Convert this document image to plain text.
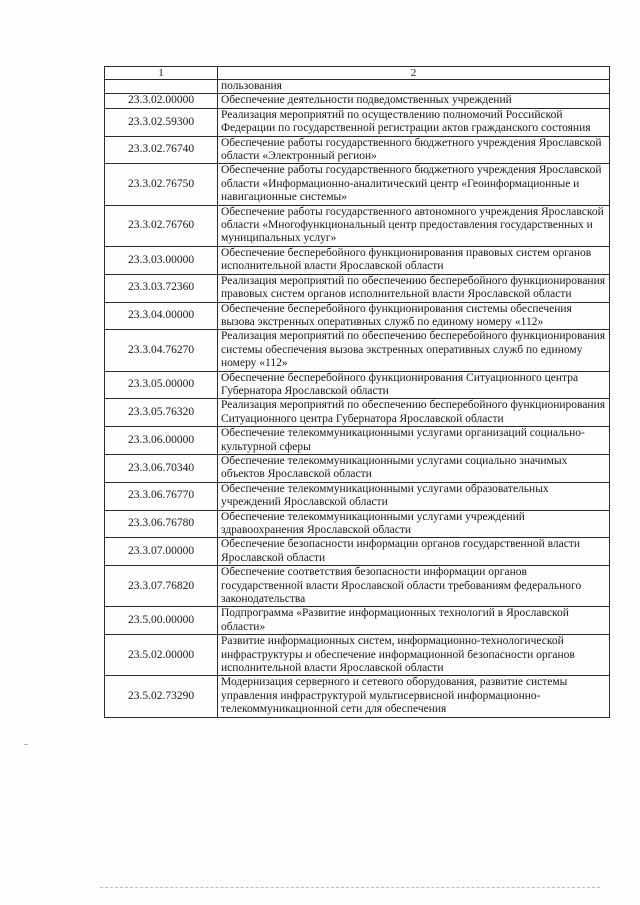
1	2
	пользования
23.3.02.00000	Обеспечение деятельности подведомственных учреждений
23.3.02.59300	Реализация мероприятий по осуществлению полномочий Российской Федерации по государственной регистрации актов гражданского состояния
23.3.02.76740	Обеспечение работы государственного бюджетного учреждения Ярославской области «Электронный регион»
23.3.02.76750	Обеспечение работы государственного бюджетного учреждения Ярославской области «Информационно-аналитический центр «Геоинформационные и навигационные системы»
23.3.02.76760	Обеспечение работы государственного автономного учреждения Ярославской области «Многофункциональный центр предоставления государственных и муниципальных услуг»
23.3.03.00000	Обеспечение бесперебойного функционирования правовых систем органов исполнительной власти Ярославской области
23.3.03.72360	Реализация мероприятий по обеспечению бесперебойного функционирования правовых систем органов исполнительной власти Ярославской области
23.3.04.00000	Обеспечение бесперебойного функционирования системы обеспечения вызова экстренных оперативных служб по единому номеру «112»
23.3.04.76270	Реализация мероприятий по обеспечению бесперебойного функционирования системы обеспечения вызова экстренных оперативных служб по единому номеру «112»
23.3.05.00000	Обеспечение бесперебойного функционирования Ситуационного центра Губернатора Ярославской области
23.3.05.76320	Реализация мероприятий по обеспечению бесперебойного функционирования Ситуационного центра Губернатора Ярославской области
23.3.06.00000	Обеспечение телекоммуникационными услугами организаций социально-культурной сферы
23.3.06.70340	Обеспечение телекоммуникационными услугами социально значимых объектов Ярославской области
23.3.06.76770	Обеспечение телекоммуникационными услугами образовательных учреждений Ярославской области
23.3.06.76780	Обеспечение телекоммуникационными услугами учреждений здравоохранения Ярославской области
23.3.07.00000	Обеспечение безопасности информации органов государственной власти Ярославской области
23.3.07.76820	Обеспечение соответствия безопасности информации органов государственной власти Ярославской области требованиям федерального законодательства
23.5.00.00000	Подпрограмма «Развитие информационных технологий в Ярославской области»
23.5.02.00000	Развитие информационных систем, информационно-технологической инфраструктуры и обеспечение информационной безопасности органов исполнительной власти Ярославской области
23.5.02.73290	Модернизация серверного и сетевого оборудования, развитие системы управления инфраструктурой мультисервисной информационно-телекоммуникационной сети для обеспечения
